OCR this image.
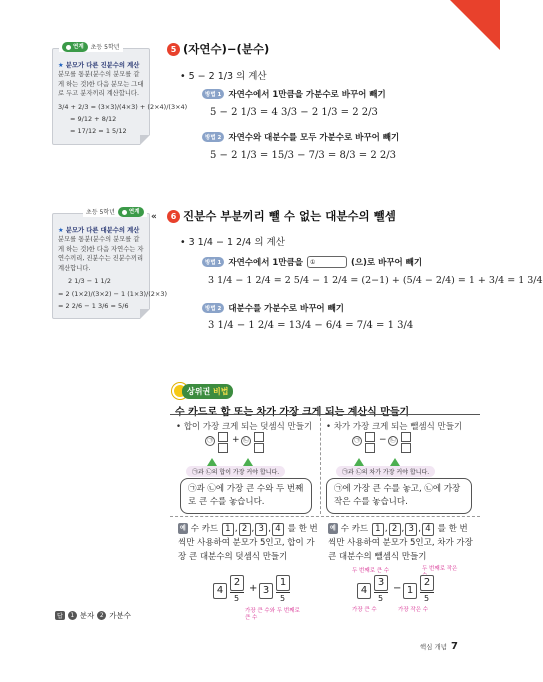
연계 초등 5학년
★ 분모가 다른 진분수의 계산
분모를 통분(분수의 분모를 같게 하는 것)한 다음 분모는 그대로 두고 분자끼리 계산합니다.
3/4 + 2/3 = (3×3)/(4×3) + (2×4)/(3×4)
= 9/12 + 8/12
= 17/12 = 1 5/12
초등 5학년	연계
★ 분모가 다른 대분수의 계산
분모를 통분(분수의 분모를 같게 하는 것)한 다음 자연수는 자연수끼리, 진분수는 진분수끼리 계산합니다.
2 1/3 − 1 1/2
= 2 (1×2)/(3×2) − 1 (1×3)/(2×3)
= 2 2/6 − 1 3/6 = 5/6
«
5 (자연수)−(분수)
• 5 − 2 1/3 의 계산
방법 1 자연수에서 1만큼을 가분수로 바꾸어 빼기
5 − 2 1/3 = 4 3/3 − 2 1/3 = 2 2/3
방법 2 자연수와 대분수를 모두 가분수로 바꾸어 빼기
5 − 2 1/3 = 15/3 − 7/3 = 8/3 = 2 2/3
6 진분수 부분끼리 뺄 수 없는 대분수의 뺄셈
• 3 1/4 − 1 2/4 의 계산
방법 1 자연수에서 1만큼을	①	(으)로 바꾸어 빼기
3 1/4 − 1 2/4 = 2 5/4 − 1 2/4 = (2−1) + (5/4 − 2/4) = 1 + 3/4 = 1 3/4
방법 2 대분수를 가분수로 바꾸어 빼기
3 1/4 − 1 2/4 = 13/4 − 6/4 = 7/4 = 1 3/4
상위권 비법
수 카드로 합 또는 차가 가장 크게 되는 계산식 만들기
• 합이 가장 크게 되는 덧셈식 만들기 • 차가 가장 크게 되는 뺄셈식 만들기
㉠ + ㉡
㉠과 ㉡의 합이 가장 커야 합니다.
㉠과 ㉡에 가장 큰 수와 두 번째로 큰 수를 놓습니다.
㉠ − ㉡
㉠과 ㉡의 차가 가장 커야 합니다.
㉠에 가장 큰 수를 놓고, ㉡에 가장 작은 수를 놓습니다.
예 수 카드 1 , 2 , 3 , 4 를 한 번 씩만 사용하여 분모가 5인고, 합이 가장 큰 대분수의 덧셈식 만들기
4
2
5
+ 3
1
5
가장 큰 수와 두 번째로 큰 수
예 수 카드 1 , 2 , 3 , 4 를 한 번 씩만 사용하여 분모가 5인고, 차가 가장 큰 대분수의 뺄셈식 만들기
두 번째로 큰 수	두 번째로 작은
4
3
5
− 1
2
5
가장 큰 수	가장 작은 수
답	1 분자 2 가분수
핵심 개념 7
